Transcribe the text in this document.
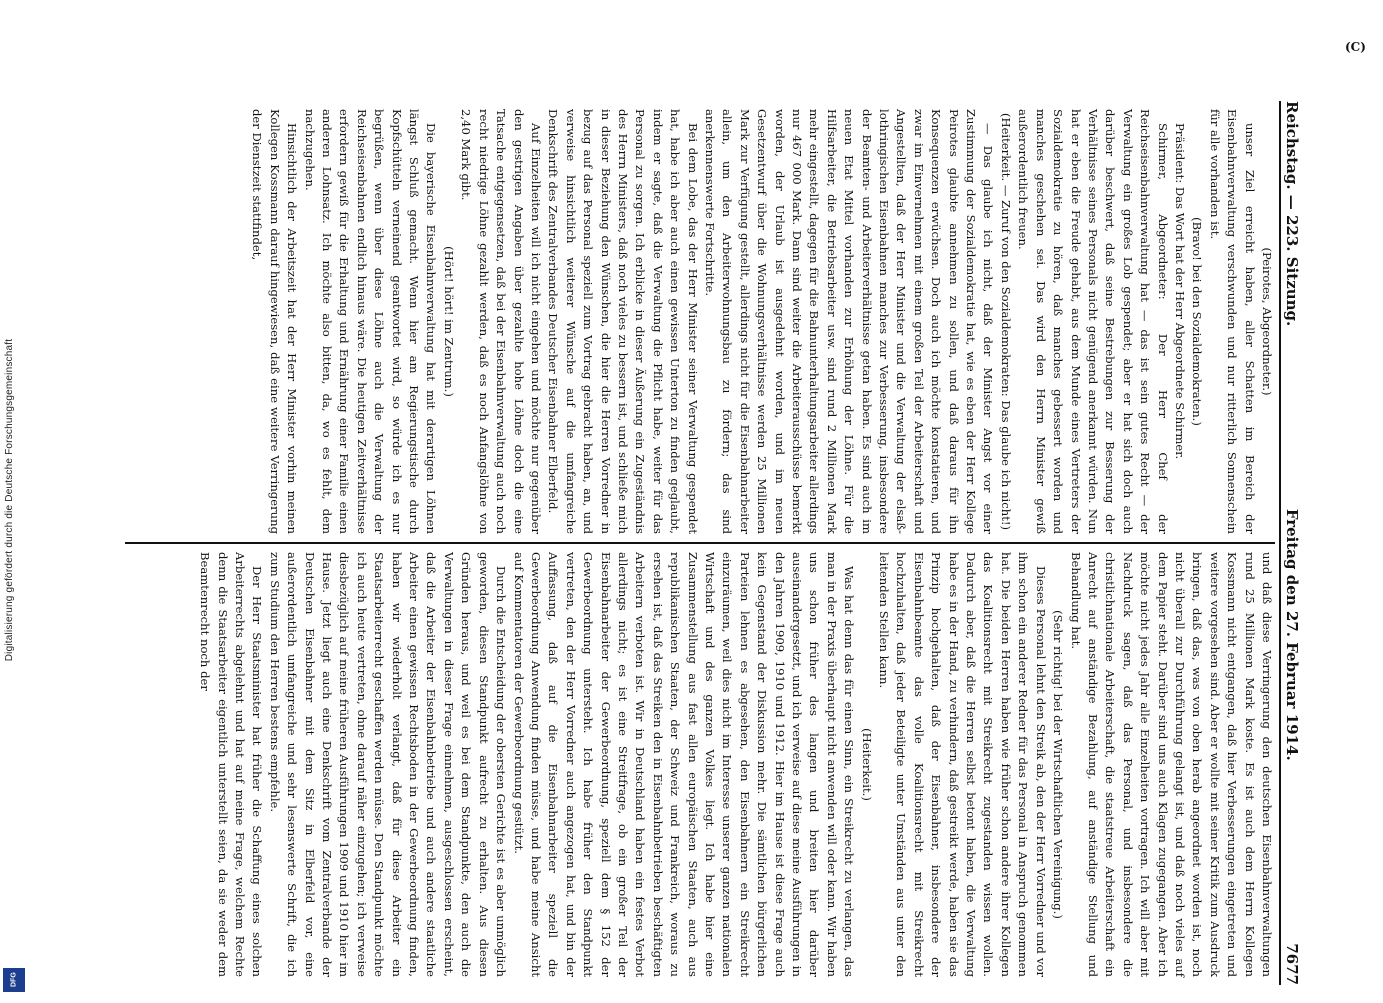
Digitalisierung gefördert durch die Deutsche Forschungsgemeinschaft
DFG
Reichstag. — 223. Sitzung.
Freitag den 27. Februar 1914.
7677

(Peirotes, Abgeordneter.)

unser Ziel erreicht haben, aller Schatten im Bereich der Eisenbahnverwaltung verschwunden und nur ritterlich Sonnenschein für alle vorhanden ist.

(Bravo! bei den Sozialdemokraten.)

Präsident: Das Wort hat der Herr Abgeordnete Schirmer.

Schirmer, Abgeordneter: Der Herr Chef der Reichseisenbahnverwaltung hat — das ist sein gutes Recht — der Verwaltung ein großes Lob gespendet; aber er hat sich doch auch darüber beschwert, daß seine Bestrebungen zur Besserung der Verhältnisse seines Personals nicht genügend anerkannt würden. Nun hat er eben die Freude gehabt, aus dem Munde eines Vertreters der Sozialdemokratie zu hören, daß manches gebessert worden und manches geschehen sei. Das wird den Herrn Minister gewiß außerordentlich freuen.

(Heiterkeit. — Zuruf von den Sozialdemokraten: Das glaube ich nicht!)

— Das glaube ich nicht, daß der Minister Angst vor einer Zustimmung der Sozialdemokratie hat, wie es eben der Herr Kollege Peirotes glaubte annehmen zu sollen, und daß daraus für ihn Konsequenzen erwüchsen. Doch auch ich möchte konstatieren, und zwar im Einvernehmen mit einem großen Teil der Arbeiterschaft und Angestellten, daß der Herr Minister und die Verwaltung der elsaß-lothringischen Eisenbahnen manches zur Verbesserung, insbesondere der Beamten- und Arbeiterverhältnisse getan haben. Es sind auch im neuen Etat Mittel vorhanden zur Erhöhung der Löhne. Für die Hilfsarbeiter, die Betriebsarbeiter usw. sind rund 2 Millionen Mark mehr eingestellt, dagegen für die Bahnunterhaltungsarbeiter allerdings nur 467 000 Mark. Dann sind weiter die Arbeiterausschüsse bemerkt worden, der Urlaub ist ausgedehnt worden, und im neuen Gesetzentwurf über die Wohnungsverhältnisse werden 25 Millionen Mark zur Verfügung gestellt, allerdings nicht für die Eisenbahnarbeiter allein, um den Arbeiterwohnungsbau zu fördern; das sind anerkennenswerte Fortschritte.

Bei dem Lobe, das der Herr Minister seiner Verwaltung gespendet hat, habe ich aber auch einen gewissen Unterton zu finden geglaubt, indem er sagte, daß die Verwaltung die Pflicht habe, weiter für das Personal zu sorgen. Ich erblicke in dieser Äußerung ein Zugeständnis des Herrn Ministers, daß noch vieles zu bessern ist, und schließe mich in dieser Beziehung den Wünschen, die hier die Herren Vorredner in bezug auf das Personal speziell zum Vortrag gebracht haben, an, und verweise hinsichtlich weiterer Wünsche auf die umfangreiche Denkschrift des Zentralverbandes Deutscher Eisenbahner Elberfeld.

Auf Einzelheiten will ich nicht eingehen und möchte nur gegenüber den gestrigen Angaben über gezahlte hohe Löhne doch die eine Tatsache entgegensetzen, daß bei der Eisenbahnverwaltung auch noch recht niedrige Löhne gezahlt werden, daß es noch Anfangslöhne von 2,40 Mark gibt.

(Hört! hört! im Zentrum.)

Die bayerische Eisenbahnverwaltung hat mit derartigen Löhnen längst Schluß gemacht. Wenn hier am Regierungstische durch Kopfschütteln verneinend geantwortet wird, so würde ich es nur begrüßen, wenn über diese Löhne auch die Verwaltung der Reichseisenbahnen endlich hinaus wäre. Die heutigen Zeitverhältnisse erfordern gewiß für die Erhaltung und Ernährung einer Familie einen anderen Lohnsatz. Ich möchte also bitten, da, wo es fehlt, dem nachzugehen.

Hinsichtlich der Arbeitszeit hat der Herr Minister vorhin meinen Kollegen Kossmann darauf hingewiesen, daß eine weitere Verringerung der Dienstzeit stattfindet,

und daß diese Verringerung den deutschen Eisenbahnverwaltungen rund 25 Millionen Mark koste. Es ist auch dem Herrn Kollegen Kossmann nicht entgangen, daß hier Verbesserungen eingetreten und weitere vorgesehen sind. Aber er wollte mit seiner Kritik zum Ausdruck bringen, daß das, was von oben herab angeordnet worden ist, noch nicht überall zur Durchführung gelangt ist, und daß noch vieles auf dem Papier steht. Darüber sind uns auch Klagen zugegangen. Aber ich möchte nicht jedes Jahr alle Einzelheiten vortragen. Ich will aber mit Nachdruck sagen, daß das Personal, und insbesondere die christlichnationale Arbeiterschaft, die staatstreue Arbeiterschaft ein Anrecht auf anständige Bezahlung, auf anständige Stellung und Behandlung hat.

(Sehr richtig! bei der Wirtschaftlichen Vereinigung.)

Dieses Personal lehnt den Streik ab, den der Herr Vorredner und vor ihm schon ein anderer Redner für das Personal in Anspruch genommen hat. Die beiden Herren haben wie früher schon andere ihrer Kollegen das Koalitionsrecht mit Streikrecht zugestanden wissen wollen. Dadurch aber, daß die Herren selbst betont haben, die Verwaltung habe es in der Hand, zu verhindern, daß gestreikt werde, haben sie das Prinzip hochgehalten, daß der Eisenbahner, insbesondere der Eisenbahnbeamte das volle Koalitionsrecht mit Streikrecht hochzuhalten, daß jeder Beteiligte unter Umständen aus unter den leitenden Stellen kann.

(Heiterkeit.)

Was hat denn das für einen Sinn, ein Streikrecht zu verlangen, das man in der Praxis überhaupt nicht anwenden will oder kann. Wir haben uns schon früher des langen und breiten hier darüber auseinandergesetzt, und ich verweise auf diese meine Ausführungen in den Jahren 1909, 1910 und 1912. Hier im Hause ist diese Frage auch kein Gegenstand der Diskussion mehr. Die sämtlichen bürgerlichen Parteien lehnen es abgesehen, den Eisenbahnern ein Streikrecht einzuräumen, weil dies nicht im Interesse unserer ganzen nationalen Wirtschaft und des ganzen Volkes liegt. Ich habe hier eine Zusammenstellung aus fast allen europäischen Staaten, auch aus republikanischen Staaten, der Schweiz und Frankreich, woraus zu ersehen ist, daß das Streiken den in Eisenbahnbetrieben beschäftigten Arbeitern verboten ist. Wir in Deutschland haben ein festes Verbot allerdings nicht; es ist eine Streitfrage, ob ein großer Teil der Eisenbahnarbeiter der Gewerbeordnung, speziell dem § 152 der Gewerbeordnung untersteht. Ich habe früher den Standpunkt vertreten, den der Herr Vorredner auch angezogen hat, und bin der Auffassung, daß auf die Eisenbahnarbeiter speziell die Gewerbeordnung Anwendung finden müsse, und habe meine Ansicht auf Kommentatoren der Gewerbeordnung gestützt.

Durch die Entscheidung der obersten Gerichte ist es aber unmöglich geworden, diesen Standpunkt aufrecht zu erhalten. Aus diesen Gründen heraus, und weil es bei dem Standpunkte, den auch die Verwaltungen in dieser Frage einnehmen, ausgeschlossen erscheint, daß die Arbeiter der Eisenbahnbetriebe und auch andere staatliche Arbeiter einen gewissen Rechtsboden in der Gewerbeordnung finden, haben wir wiederholt verlangt, daß für diese Arbeiter ein Staatsarbeiterrecht geschaffen werden müsse. Den Standpunkt möchte ich auch heute vertreten, ohne darauf näher einzugehen; ich verweise diesbezüglich auf meine früheren Ausführungen 1909 und 1910 hier im Hause. Jetzt liegt auch eine Denkschrift vom Zentralverbande der Deutschen Eisenbahner mit dem Sitz in Elberfeld vor, eine außerordentlich umfangreiche und sehr lesenswerte Schrift, die ich zum Studium den Herren bestens empfehle.

Der Herr Staatsminister hat früher die Schaffung eines solchen Arbeiterrechts abgelehnt und hat auf meine Frage, welchem Rechte denn die Staatsarbeiter eigentlich unterstellt seien, da sie weder dem Beamtenrecht noch der

(C)
